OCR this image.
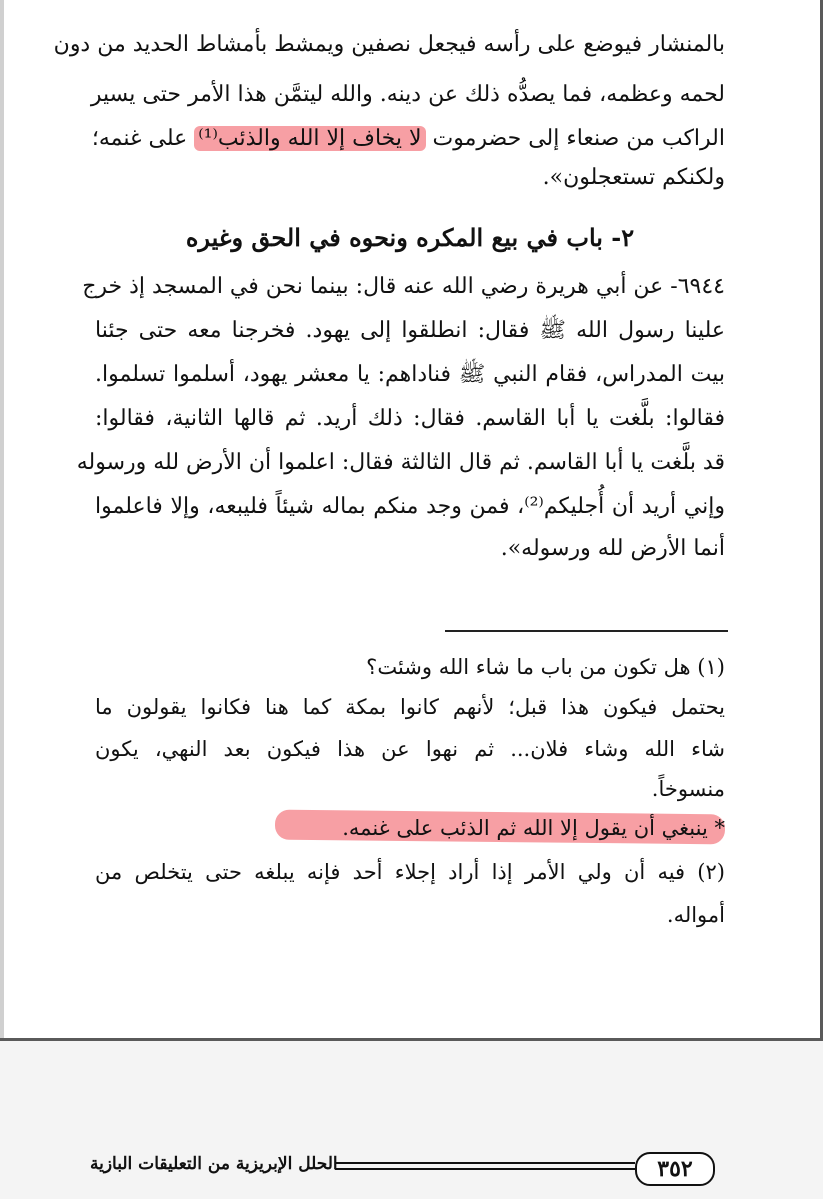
بالمنشار فيوضع على رأسه فيجعل نصفين ويمشط بأمشاط الحديد من دون
لحمه وعظمه، فما يصدُّه ذلك عن دينه. والله ليتمَّن هذا الأمر حتى يسير
الراكب من صنعاء إلى حضرموت لا يخاف إلا الله والذئب⁽¹⁾ على غنمه؛
ولكنكم تستعجلون».
٢- باب في بيع المكره ونحوه في الحق وغيره
٦٩٤٤- عن أبي هريرة رضي الله عنه قال: بينما نحن في المسجد إذ خرج
علينا رسول الله ﷺ فقال: انطلقوا إلى يهود. فخرجنا معه حتى جئنا
بيت المدراس، فقام النبي ﷺ فناداهم: يا معشر يهود، أسلموا تسلموا.
فقالوا: بلَّغت يا أبا القاسم. فقال: ذلك أريد. ثم قالها الثانية، فقالوا:
قد بلَّغت يا أبا القاسم. ثم قال الثالثة فقال: اعلموا أن الأرض لله ورسوله
وإني أريد أن أُجليكم⁽²⁾، فمن وجد منكم بماله شيئاً فليبعه، وإلا فاعلموا
أنما الأرض لله ورسوله».
(١) هل تكون من باب ما شاء الله وشئت؟
يحتمل فيكون هذا قبل؛ لأنهم كانوا بمكة كما هنا فكانوا يقولون ما
شاء الله وشاء فلان... ثم نهوا عن هذا فيكون بعد النهي، يكون
منسوخاً.
* ينبغي أن يقول إلا الله ثم الذئب على غنمه.
(٢) فيه أن ولي الأمر إذا أراد إجلاء أحد فإنه يبلغه حتى يتخلص من
أمواله.
٣٥٢
الحلل الإبريزية من التعليقات البازية
